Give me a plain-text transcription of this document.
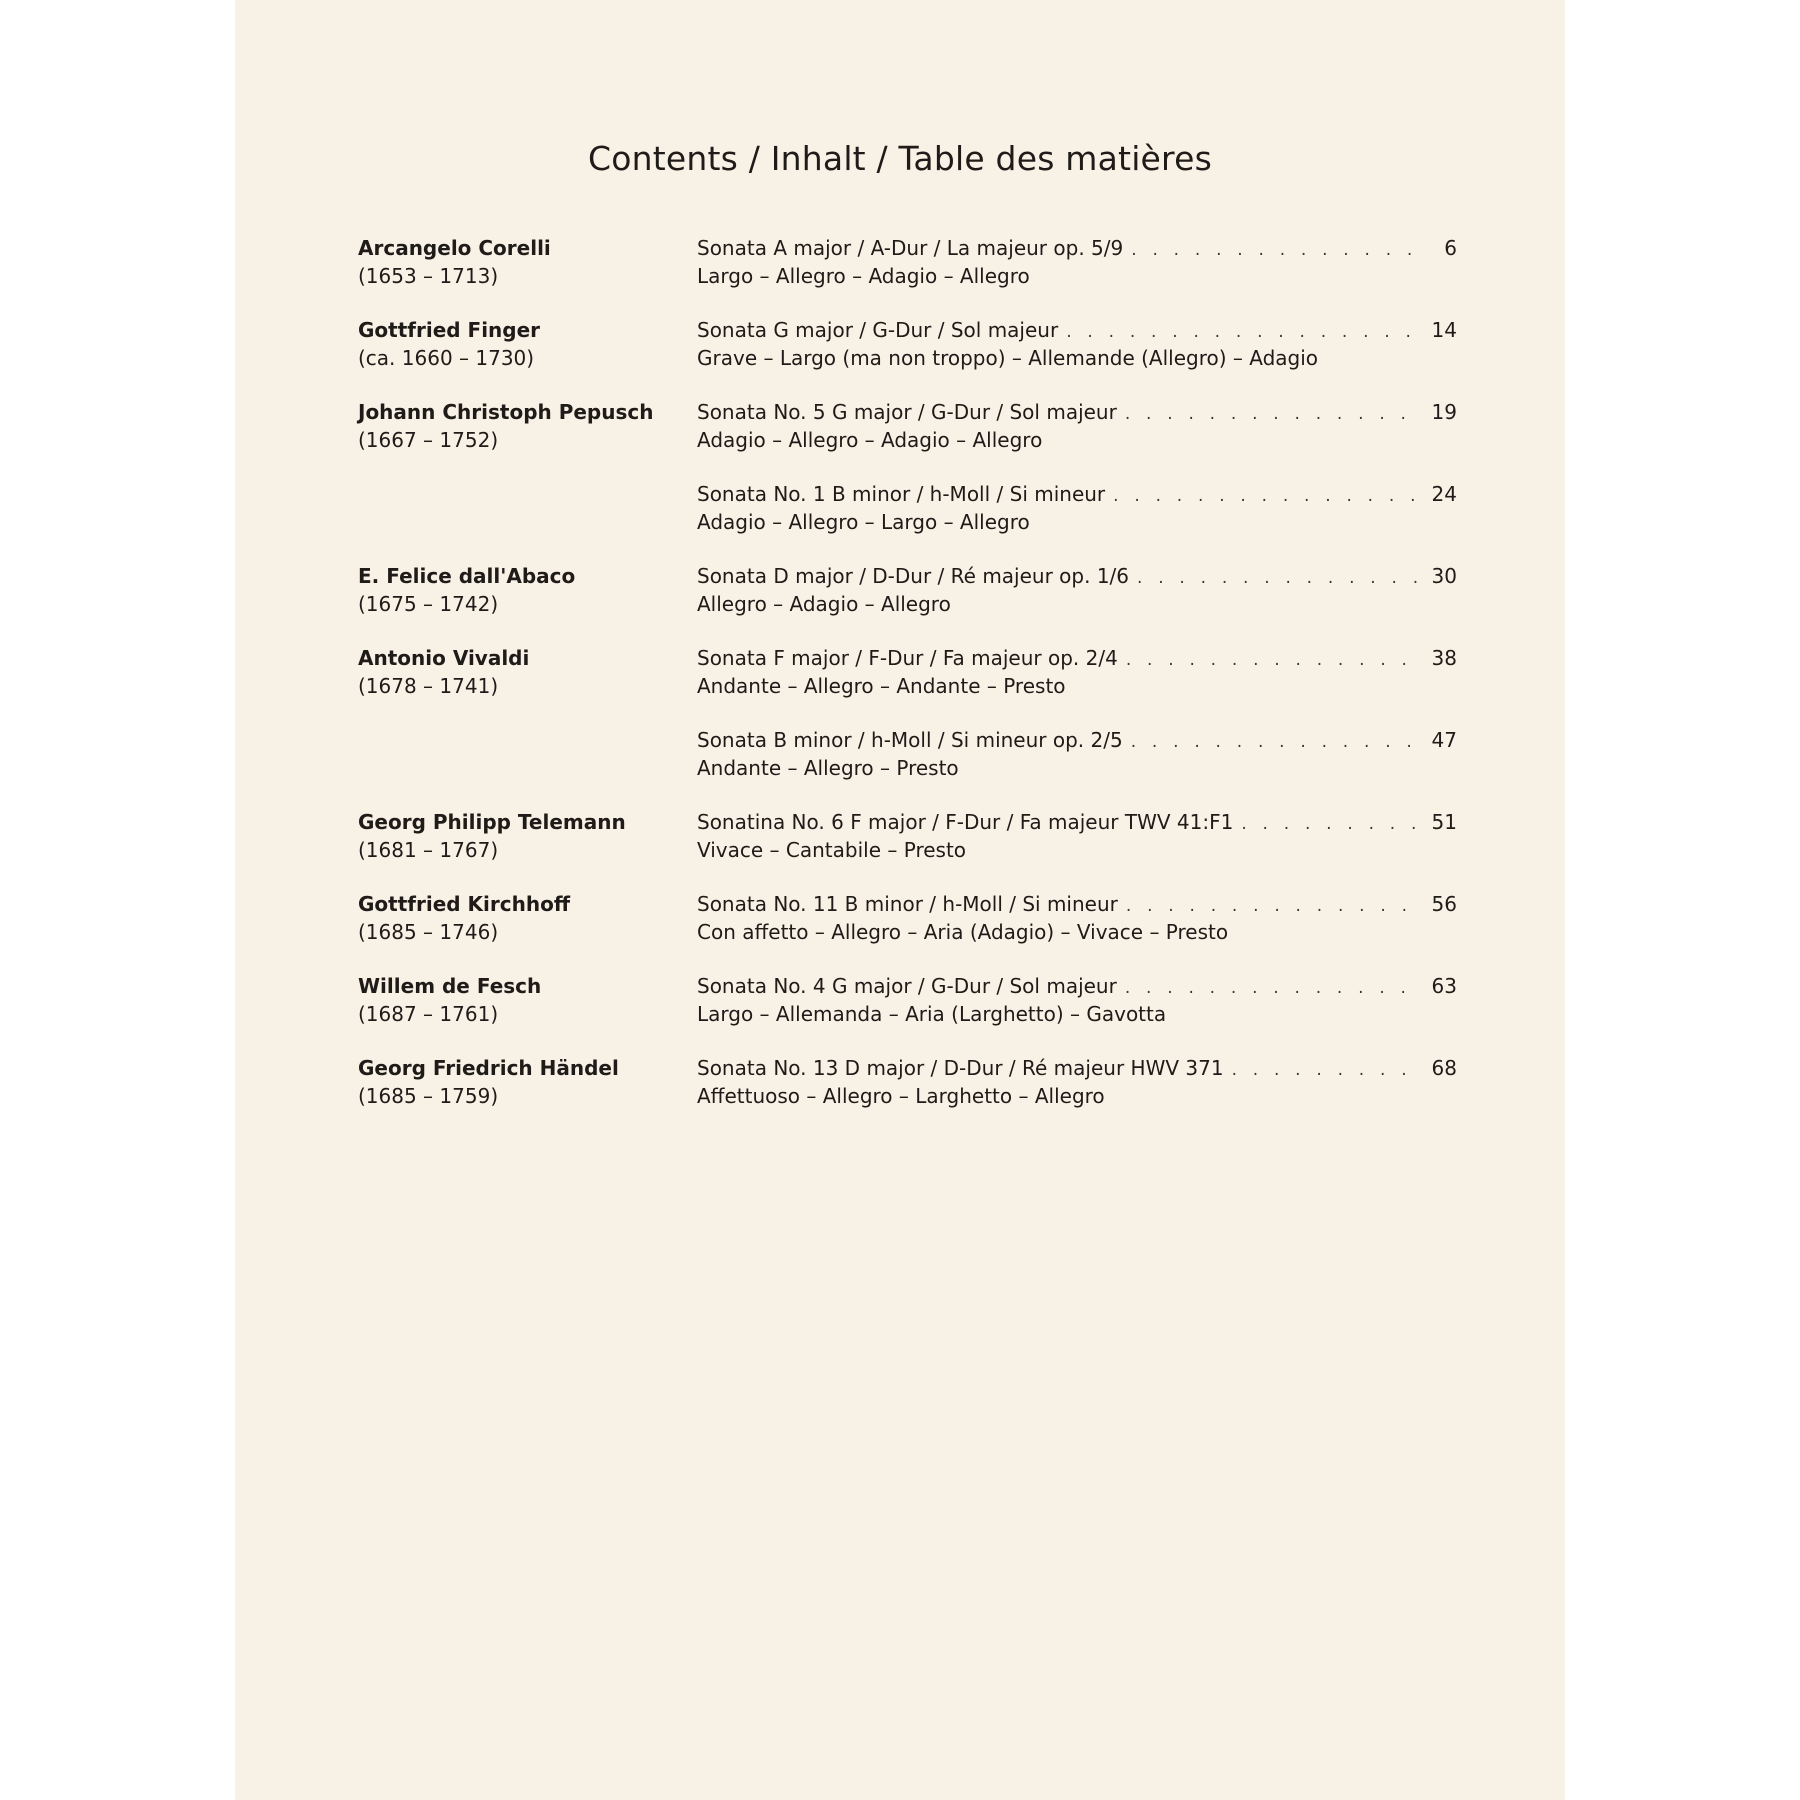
Contents / Inhalt / Table des matières
Arcangelo Corelli
(1653 – 1713)
Sonata A major / A-Dur / La majeur op. 5/9 . . .	6
Largo – Allegro – Adagio – Allegro
Gottfried Finger
(ca. 1660 – 1730)
Sonata G major / G-Dur / Sol majeur . . .	14
Grave – Largo (ma non troppo) – Allemande (Allegro) – Adagio
Johann Christoph Pepusch
(1667 – 1752)
Sonata No. 5 G major / G-Dur / Sol majeur . . .	19
Adagio – Allegro – Adagio – Allegro
Sonata No. 1 B minor / h-Moll / Si mineur . . .	24
Adagio – Allegro – Largo – Allegro
E. Felice dall'Abaco
(1675 – 1742)
Sonata D major / D-Dur / Ré majeur op. 1/6 . . .	30
Allegro – Adagio – Allegro
Antonio Vivaldi
(1678 – 1741)
Sonata F major / F-Dur / Fa majeur op. 2/4 . . .	38
Andante – Allegro – Andante – Presto
Sonata B minor / h-Moll / Si mineur op. 2/5 . . .	47
Andante – Allegro – Presto
Georg Philipp Telemann
(1681 – 1767)
Sonatina No. 6 F major / F-Dur / Fa majeur TWV 41:F1 . . .	51
Vivace – Cantabile – Presto
Gottfried Kirchhoff
(1685 – 1746)
Sonata No. 11 B minor / h-Moll / Si mineur . . .	56
Con affetto – Allegro – Aria (Adagio) – Vivace – Presto
Willem de Fesch
(1687 – 1761)
Sonata No. 4 G major / G-Dur / Sol majeur . . .	63
Largo – Allemanda – Aria (Larghetto) – Gavotta
Georg Friedrich Händel
(1685 – 1759)
Sonata No. 13 D major / D-Dur / Ré majeur HWV 371 . . .	68
Affettuoso – Allegro – Larghetto – Allegro
